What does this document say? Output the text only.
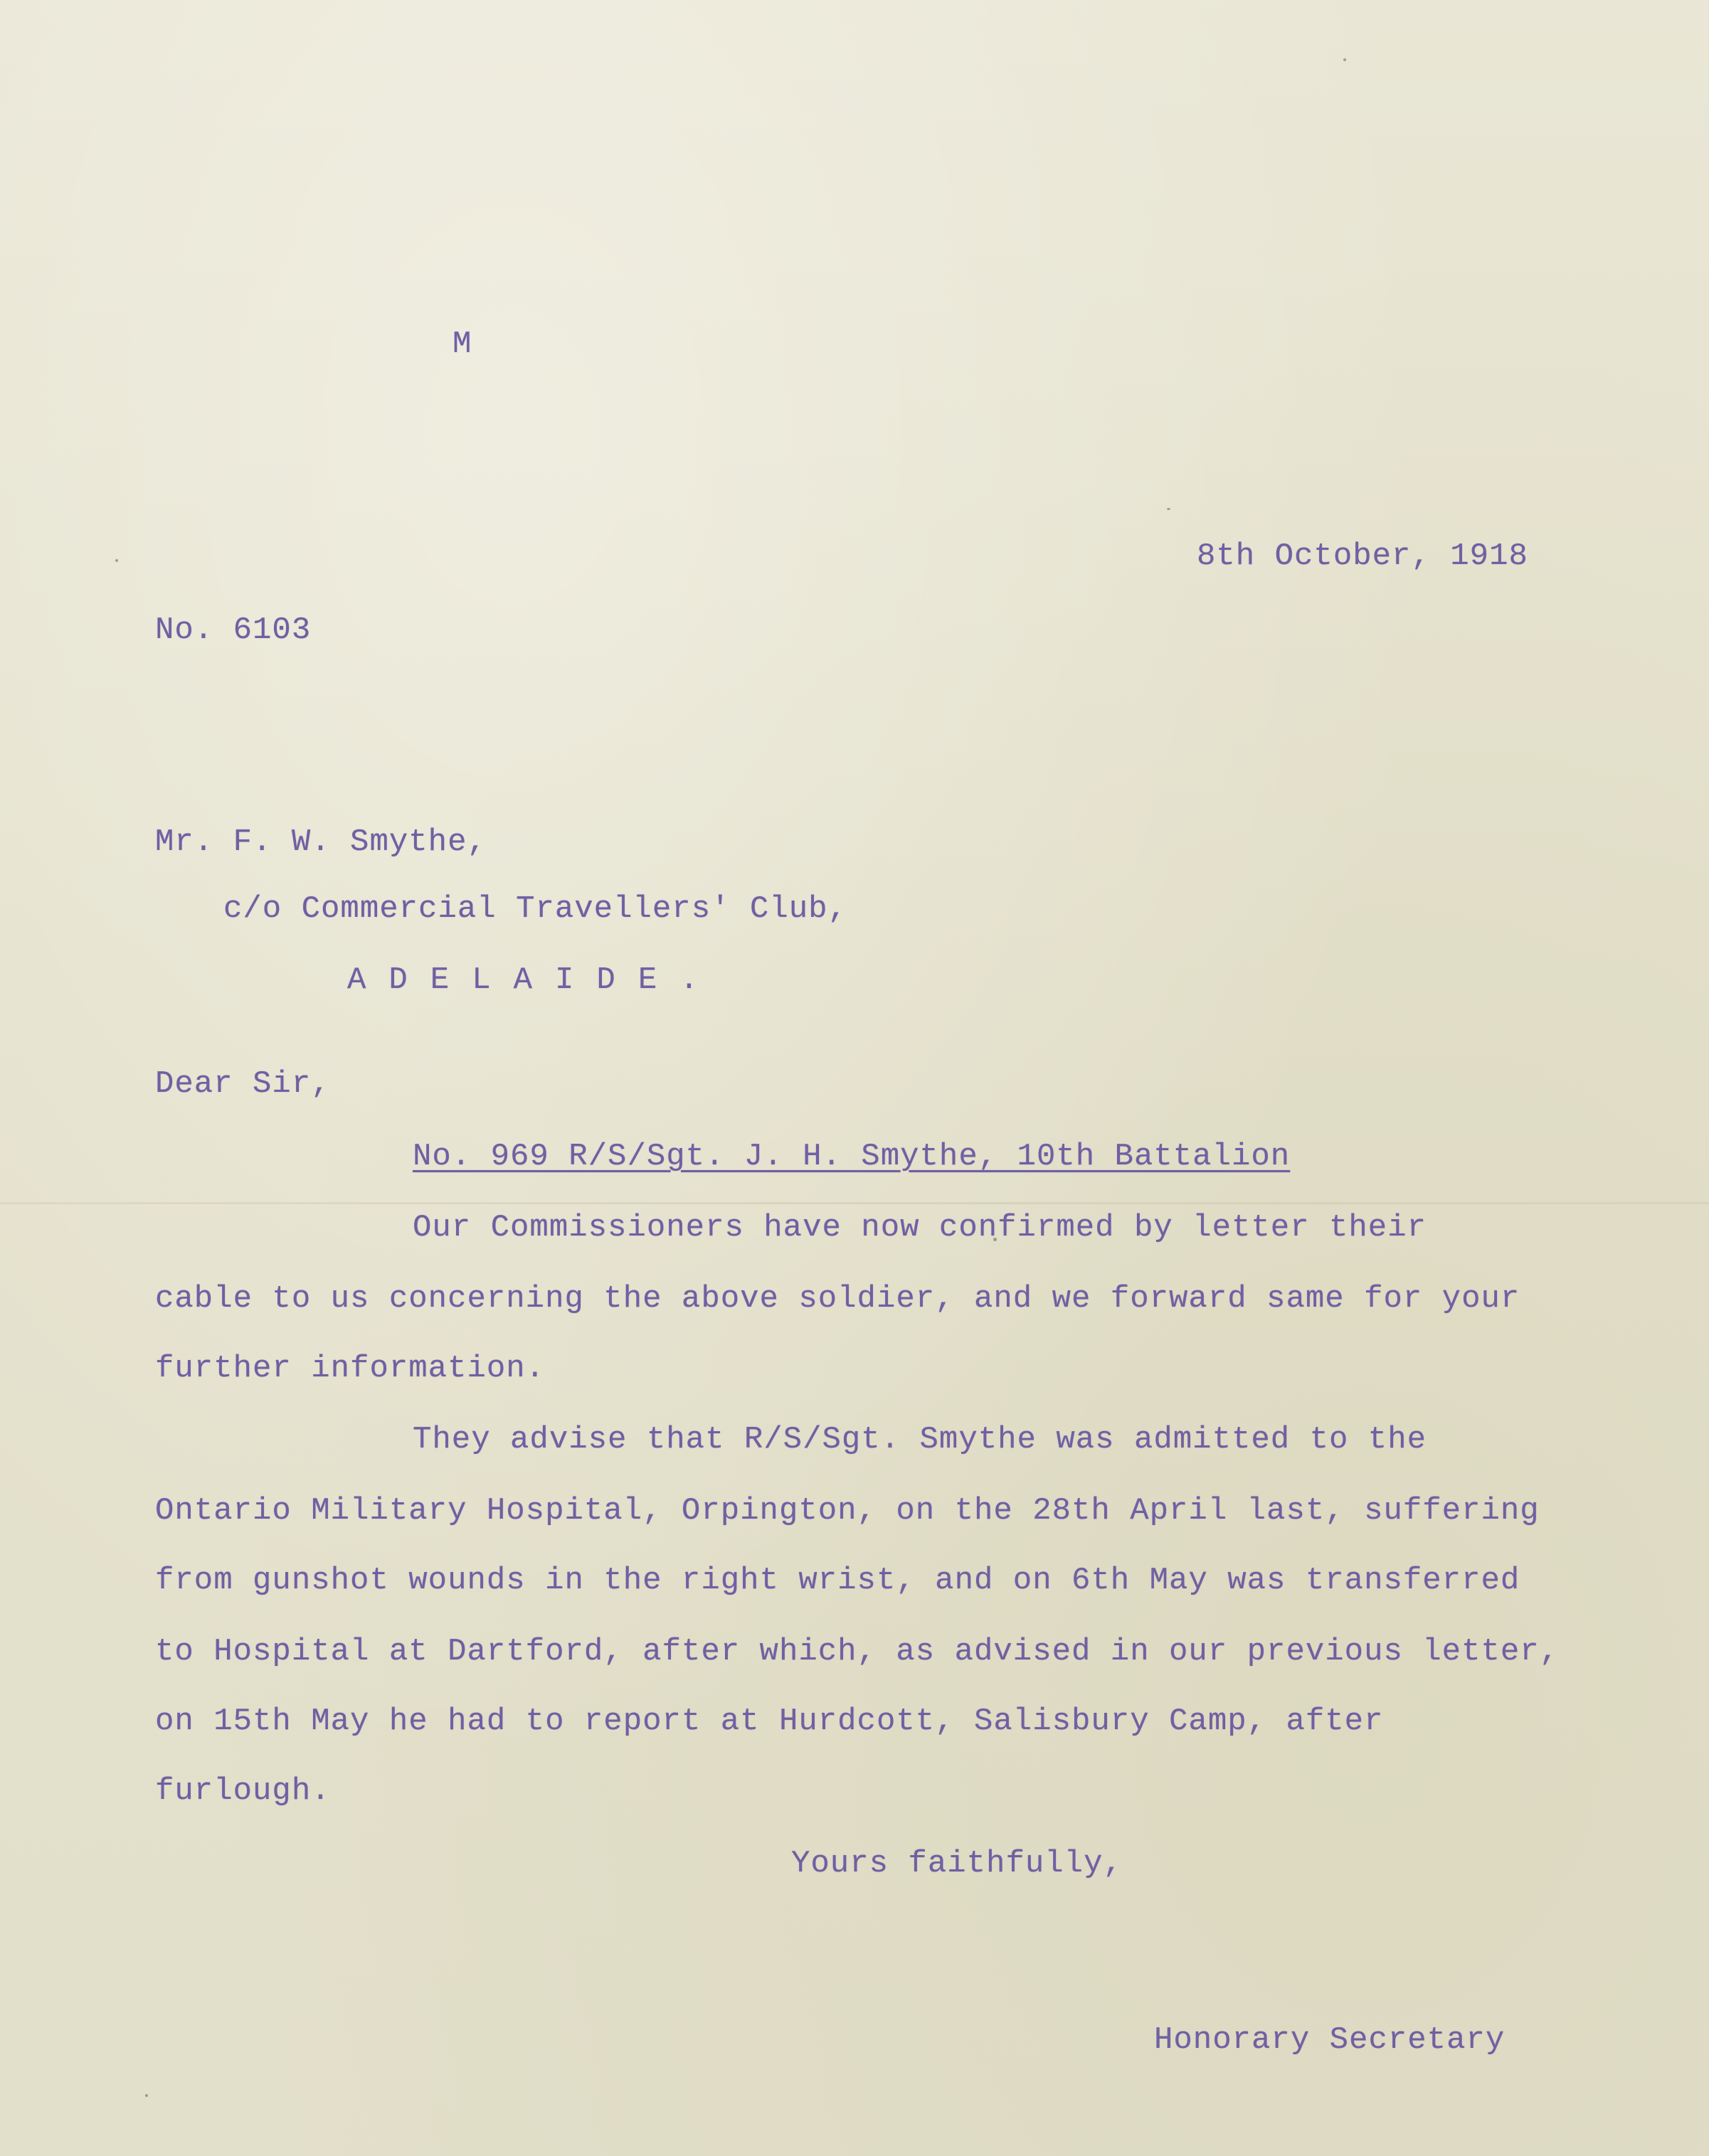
M

8th October, 1918

No. 6103

Mr. F. W. Smythe,

c/o Commercial Travellers' Club,

ADELAIDE.

Dear Sir,

No. 969 R/S/Sgt. J. H. Smythe, 10th Battalion

Our Commissioners have now confirmed by letter their

cable to us concerning the above soldier, and we forward same for your

further information.

They advise that R/S/Sgt. Smythe was admitted to the

Ontario Military Hospital, Orpington, on the 28th April last, suffering

from gunshot wounds in the right wrist, and on 6th May was transferred

to Hospital at Dartford, after which, as advised in our previous letter,

on 15th May he had to report at Hurdcott, Salisbury Camp, after

furlough.

Yours faithfully,

Honorary Secretary
